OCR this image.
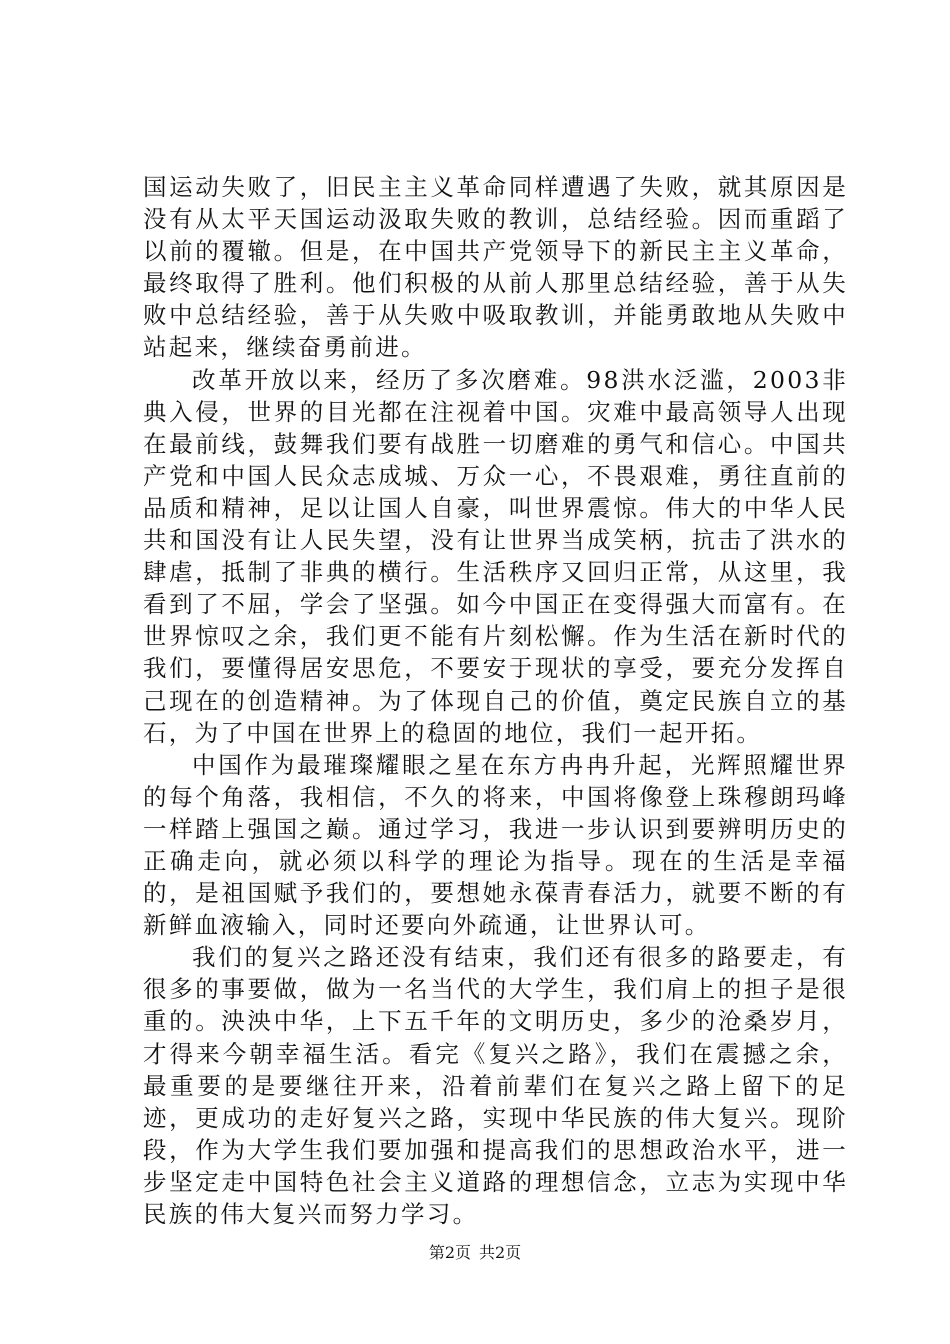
国运动失败了，旧民主主义革命同样遭遇了失败，就其原因是没有从太平天国运动汲取失败的教训，总结经验。因而重蹈了以前的覆辙。但是，在中国共产党领导下的新民主主义革命，最终取得了胜利。他们积极的从前人那里总结经验，善于从失败中总结经验，善于从失败中吸取教训，并能勇敢地从失败中站起来，继续奋勇前进。

改革开放以来，经历了多次磨难。98洪水泛滥，2003非典入侵，世界的目光都在注视着中国。灾难中最高领导人出现在最前线，鼓舞我们要有战胜一切磨难的勇气和信心。中国共产党和中国人民众志成城、万众一心，不畏艰难，勇往直前的品质和精神，足以让国人自豪，叫世界震惊。伟大的中华人民共和国没有让人民失望，没有让世界当成笑柄，抗击了洪水的肆虐，抵制了非典的横行。生活秩序又回归正常，从这里，我看到了不屈，学会了坚强。如今中国正在变得强大而富有。在世界惊叹之余，我们更不能有片刻松懈。作为生活在新时代的我们，要懂得居安思危，不要安于现状的享受，要充分发挥自己现在的创造精神。为了体现自己的价值，奠定民族自立的基石，为了中国在世界上的稳固的地位，我们一起开拓。

中国作为最璀璨耀眼之星在东方冉冉升起，光辉照耀世界的每个角落，我相信，不久的将来，中国将像登上珠穆朗玛峰一样踏上强国之巅。通过学习，我进一步认识到要辨明历史的正确走向，就必须以科学的理论为指导。现在的生活是幸福的，是祖国赋予我们的，要想她永葆青春活力，就要不断的有新鲜血液输入，同时还要向外疏通，让世界认可。

我们的复兴之路还没有结束，我们还有很多的路要走，有很多的事要做，做为一名当代的大学生，我们肩上的担子是很重的。泱泱中华，上下五千年的文明历史，多少的沧桑岁月，才得来今朝幸福生活。看完《复兴之路》，我们在震撼之余，最重要的是要继往开来，沿着前辈们在复兴之路上留下的足迹，更成功的走好复兴之路，实现中华民族的伟大复兴。现阶段，作为大学生我们要加强和提高我们的思想政治水平，进一步坚定走中国特色社会主义道路的理想信念，立志为实现中华民族的伟大复兴而努力学习。

第2页 共2页
